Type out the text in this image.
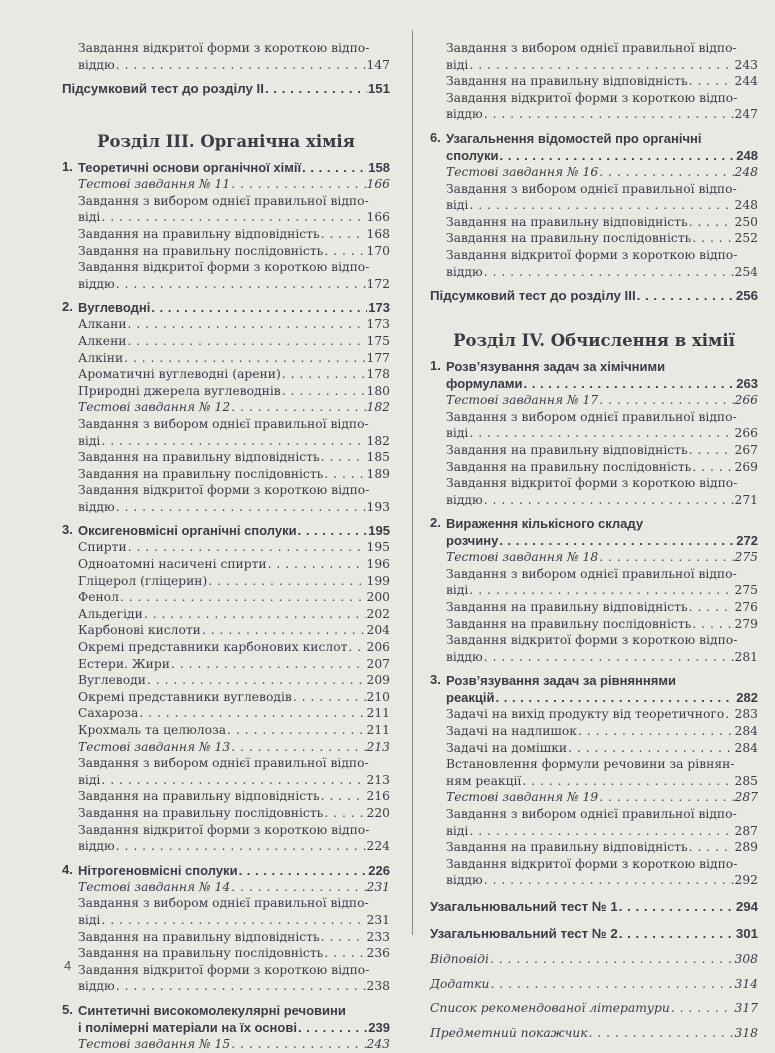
Завдання відкритої форми з короткою відпо-
віддю . . .	147
Підсумковий тест до розділу II . . .	151
Розділ III. Органічна хімія
1. Теоретичні основи органічної хімії . . .	158
Тестові завдання № 11 . . .	166
Завдання з вибором однієї правильної відпо-
віді . . .	166
Завдання на правильну відповідність . . .	168
Завдання на правильну послідовність . . .	170
Завдання відкритої форми з короткою відпо-
віддю . . .	172
2. Вуглеводні . . .	173
Алкани . . .	173
Алкени . . .	175
Алкіни . . .	177
Ароматичні вуглеводні (арени) . . .	178
Природні джерела вуглеводнів . . .	180
Тестові завдання № 12 . . .	182
Завдання з вибором однієї правильної відпо-
віді . . .	182
Завдання на правильну відповідність . . .	185
Завдання на правильну послідовність . . .	189
Завдання відкритої форми з короткою відпо-
віддю . . .	193
3. Оксигеновмісні органічні сполуки . . .	195
Спирти . . .	195
Одноатомні насичені спирти . . .	196
Гліцерол (гліцерин) . . .	199
Фенол . . .	200
Альдегіди . . .	202
Карбонові кислоти . . .	204
Окремі представники карбонових кислот . . . 206
Естери. Жири . . .	207
Вуглеводи . . .	209
Окремі представники вуглеводів . . .	210
Сахароза . . .	211
Крохмаль та целюлоза . . .	211
Тестові завдання № 13 . . .	213
Завдання з вибором однієї правильної відпо-
віді . . .	213
Завдання на правильну відповідність . . .	216
Завдання на правильну послідовність . . .	220
Завдання відкритої форми з короткою відпо-
віддю . . .	224
4. Нітрогеновмісні сполуки . . .	226
Тестові завдання № 14 . . .	231
Завдання з вибором однієї правильної відпо-
віді . . .	231
Завдання на правильну відповідність . . .	233
Завдання на правильну послідовність . . .	236
Завдання відкритої форми з короткою відпо-
віддю . . .	238
5. Синтетичні високомолекулярні речовини
і полімерні матеріали на їх основі . . .	239
Тестові завдання № 15 . . .	243
Завдання з вибором однієї правильної відпо-
віді . . .	243
Завдання на правильну відповідність . . .	244
Завдання відкритої форми з короткою відпо-
віддю . . .	247
6. Узагальнення відомостей про органічні
сполуки . . .	248
Тестові завдання № 16 . . .	248
Завдання з вибором однієї правильної відпо-
віді . . .	248
Завдання на правильну відповідність . . .	250
Завдання на правильну послідовність . . .	252
Завдання відкритої форми з короткою відпо-
віддю . . .	254
Підсумковий тест до розділу III . . .	256
Розділ IV. Обчислення в хімії
1. Розв’язування задач за хімічними
формулами . . .	263
Тестові завдання № 17 . . .	266
Завдання з вибором однієї правильної відпо-
віді . . .	266
Завдання на правильну відповідність . . .	267
Завдання на правильну послідовність . . .	269
Завдання відкритої форми з короткою відпо-
віддю . . .	271
2. Вираження кількісного складу
розчину . . .	272
Тестові завдання № 18 . . .	275
Завдання з вибором однієї правильної відпо-
віді . . .	275
Завдання на правильну відповідність . . .	276
Завдання на правильну послідовність . . .	279
Завдання відкритої форми з короткою відпо-
віддю . . .	281
3. Розв’язування задач за рівняннями
реакцій . . .	282
Задачі на вихід продукту від теоретичного . . . 283
Задачі на надлишок . . .	284
Задачі на домішки . . .	284
Встановлення формули речовини за рівнян-
ням реакції . . .	285
Тестові завдання № 19 . . .	287
Завдання з вибором однієї правильної відпо-
віді . . .	287
Завдання на правильну відповідність . . .	289
Завдання відкритої форми з короткою відпо-
віддю . . .	292
Узагальнювальний тест № 1 . . .	294
Узагальнювальний тест № 2 . . .	301
Відповіді . . .	308
Додатки . . .	314
Список рекомендованої літератури . . .	317
Предметний покажчик . . .	318
4
